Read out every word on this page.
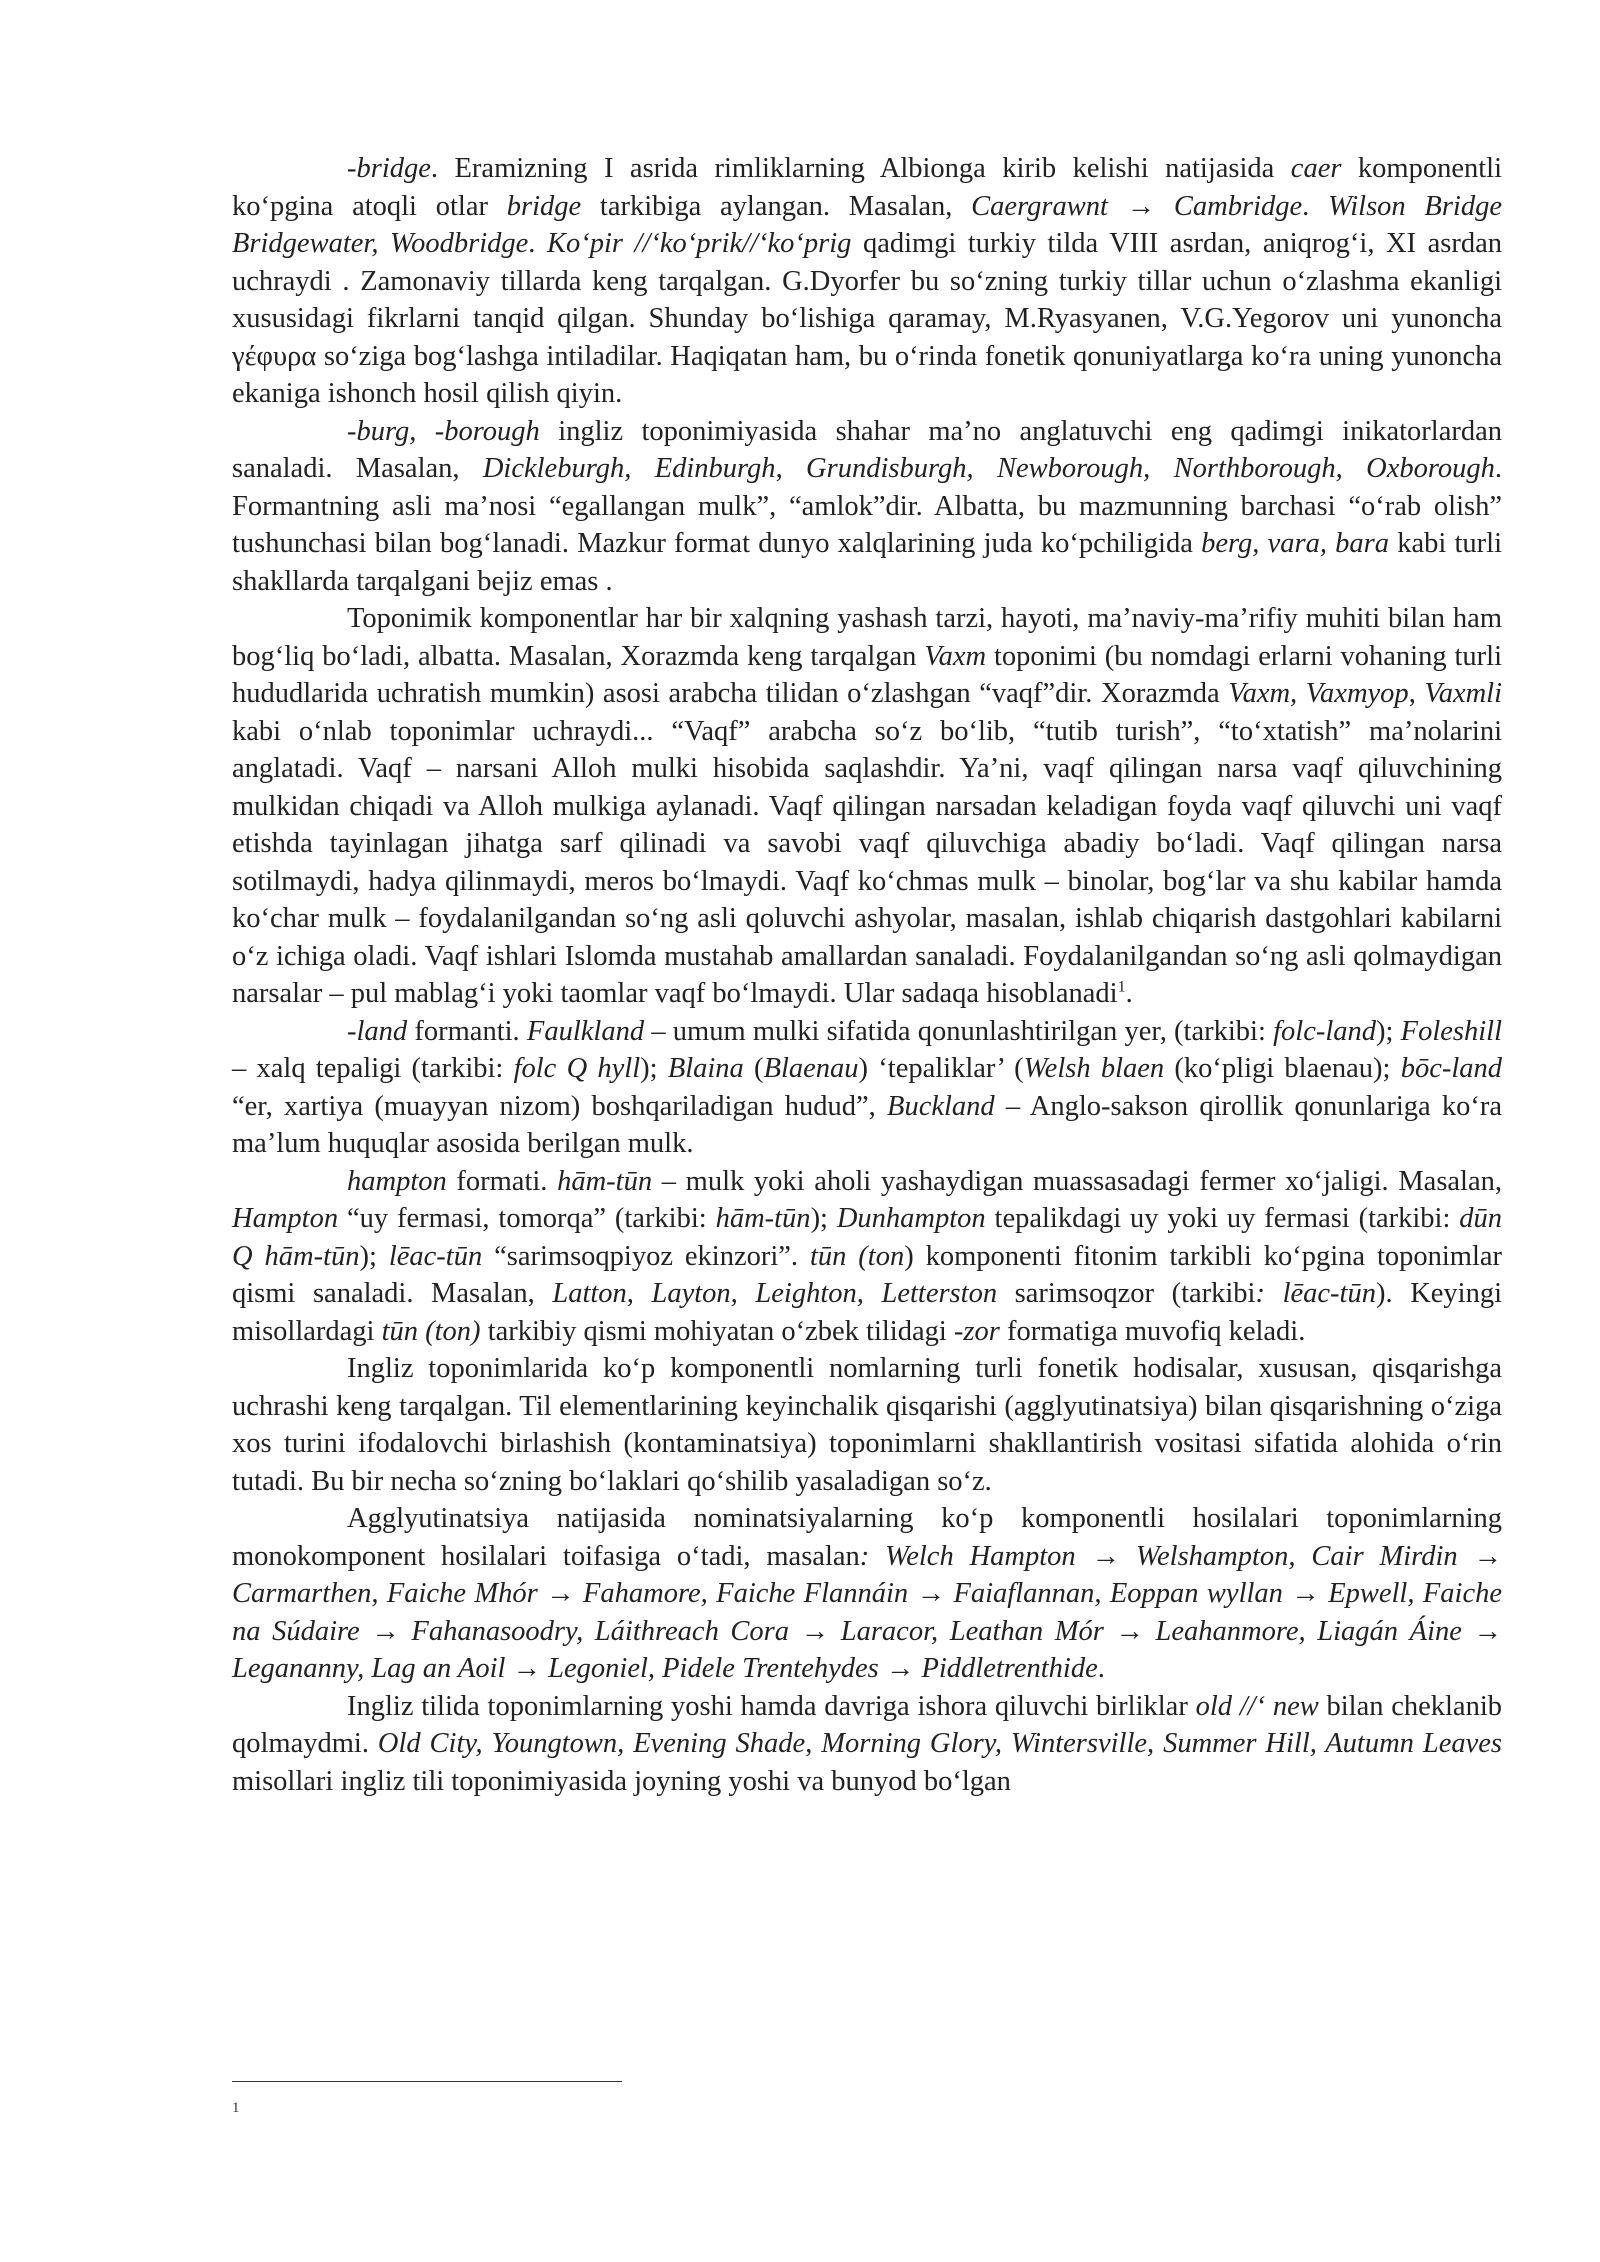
-bridge. Eramizning I asrida rimliklarning Albionga kirib kelishi natijasida caer komponentli ko‘pgina atoqli otlar bridge tarkibiga aylangan. Masalan, Caergrawnt → Cambridge. Wilson Bridge Bridgewater, Woodbridge. Ko‘pir //‘ko‘prik//‘ko‘prig qadimgi turkiy tilda VIII asrdan, aniqrog‘i, XI asrdan uchraydi . Zamonaviy tillarda keng tarqalgan. G.Dyorfer bu so‘zning turkiy tillar uchun o‘zlashma ekanligi xususidagi fikrlarni tanqid qilgan. Shunday bo‘lishiga qaramay, M.Ryasyanen, V.G.Yegorov uni yunoncha γέφυρα so‘ziga bog‘lashga intiladilar. Haqiqatan ham, bu o‘rinda fonetik qonuniyatlarga ko‘ra uning yunoncha ekaniga ishonch hosil qilish qiyin.

-burg, -borough ingliz toponimiyasida shahar ma’no anglatuvchi eng qadimgi inikatorlardan sanaladi. Masalan, Dickleburgh, Edinburgh, Grundisburgh, Newborough, Northborough, Oxborough. Formantning asli ma’nosi “egallangan mulk”, “amlok”dir. Albatta, bu mazmunning barchasi “o‘rab olish” tushunchasi bilan bog‘lanadi. Mazkur format dunyo xalqlarining juda ko‘pchiligida berg, vara, bara kabi turli shakllarda tarqalgani bejiz emas .

Toponimik komponentlar har bir xalqning yashash tarzi, hayoti, ma’naviy-ma’rifiy muhiti bilan ham bog‘liq bo‘ladi, albatta. Masalan, Xorazmda keng tarqalgan Vaxm toponimi (bu nomdagi erlarni vohaning turli hududlarida uchratish mumkin) asosi arabcha tilidan o‘zlashgan “vaqf”dir. Xorazmda Vaxm, Vaxmyop, Vaxmli kabi o‘nlab toponimlar uchraydi... “Vaqf” arabcha so‘z bo‘lib, “tutib turish”, “to‘xtatish” ma’nolarini anglatadi. Vaqf – narsani Alloh mulki hisobida saqlashdir. Ya’ni, vaqf qilingan narsa vaqf qiluvchining mulkidan chiqadi va Alloh mulkiga aylanadi. Vaqf qilingan narsadan keladigan foyda vaqf qiluvchi uni vaqf etishda tayinlagan jihatga sarf qilinadi va savobi vaqf qiluvchiga abadiy bo‘ladi. Vaqf qilingan narsa sotilmaydi, hadya qilinmaydi, meros bo‘lmaydi. Vaqf ko‘chmas mulk – binolar, bog‘lar va shu kabilar hamda ko‘char mulk – foydalanilgandan so‘ng asli qoluvchi ashyolar, masalan, ishlab chiqarish dastgohlari kabilarni o‘z ichiga oladi. Vaqf ishlari Islomda mustahab amallardan sanaladi. Foydalanilgandan so‘ng asli qolmaydigan narsalar – pul mablag‘i yoki taomlar vaqf bo‘lmaydi. Ular sadaqa hisoblanadi$^1$.

-land formanti. Faulkland – umum mulki sifatida qonunlashtirilgan yer, (tarkibi: folc-land); Foleshill – xalq tepaligi (tarkibi: folc Q hyll); Blaina (Blaenau) ‘tepaliklar’ (Welsh blaen (ko‘pligi blaenau); bōc-land “er, xartiya (muayyan nizom) boshqariladigan hudud”, Buckland – Anglo-sakson qirollik qonunlariga ko‘ra ma’lum huquqlar asosida berilgan mulk.

hampton formati. hām-tūn – mulk yoki aholi yashaydigan muassasadagi fermer xo‘jaligi. Masalan, Hampton “uy fermasi, tomorqa” (tarkibi: hām-tūn); Dunhampton tepalikdagi uy yoki uy fermasi (tarkibi: dūn Q hām-tūn); lēac-tūn “sarimsoqpiyoz ekinzori”. tūn (ton) komponenti fitonim tarkibli ko‘pgina toponimlar qismi sanaladi. Masalan, Latton, Layton, Leighton, Letterston sarimsoqzor (tarkibi: lēac-tūn). Keyingi misollardagi tūn (ton) tarkibiy qismi mohiyatan o‘zbek tilidagi -zor formatiga muvofiq keladi.

Ingliz toponimlarida ko‘p komponentli nomlarning turli fonetik hodisalar, xususan, qisqarishga uchrashi keng tarqalgan. Til elementlarining keyinchalik qisqarishi (agglyutinatsiya) bilan qisqarishning o‘ziga xos turini ifodalovchi birlashish (kontaminatsiya) toponimlarni shakllantirish vositasi sifatida alohida o‘rin tutadi. Bu bir necha so‘zning bo‘laklari qo‘shilib yasaladigan so‘z.

Agglyutinatsiya natijasida nominatsiyalarning ko‘p komponentli hosilalari toponimlarning monokomponent hosilalari toifasiga o‘tadi, masalan: Welch Hampton → Welshampton, Cair Mirdin → Carmarthen, Faiche Mhór → Fahamore, Faiche Flannáin → Faiaflannan, Eoppan wyllan → Epwell, Faiche na Súdaire → Fahanasoodry, Láithreach Cora → Laracor, Leathan Mór → Leahanmore, Liagán Áine → Legananny, Lag an Aoil → Legoniel, Pidele Trentehydes → Piddletrenthide.

Ingliz tilida toponimlarning yoshi hamda davriga ishora qiluvchi birliklar old //‘ new bilan cheklanib qolmaydmi. Old City, Youngtown, Evening Shade, Morning Glory, Wintersville, Summer Hill, Autumn Leaves misollari ingliz tili toponimiyasida joyning yoshi va bunyod bo‘lgan

1
